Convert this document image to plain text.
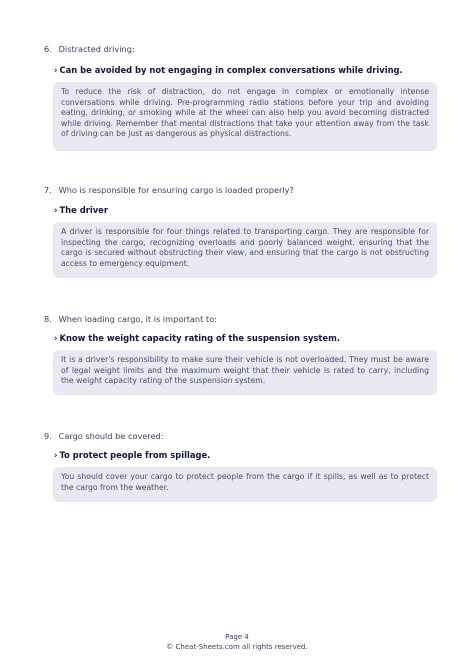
6. Distracted driving:
› Can be avoided by not engaging in complex conversations while driving.
To reduce the risk of distraction, do not engage in complex or emotionally intense conversations while driving. Pre-programming radio stations before your trip and avoiding eating, drinking, or smoking while at the wheel can also help you avoid becoming distracted while driving. Remember that mental distractions that take your attention away from the task of driving can be just as dangerous as physical distractions.
7. Who is responsible for ensuring cargo is loaded properly?
› The driver
A driver is responsible for four things related to transporting cargo. They are responsible for inspecting the cargo, recognizing overloads and poorly balanced weight, ensuring that the cargo is secured without obstructing their view, and ensuring that the cargo is not obstructing access to emergency equipment.
8. When loading cargo, it is important to:
› Know the weight capacity rating of the suspension system.
It is a driver's responsibility to make sure their vehicle is not overloaded. They must be aware of legal weight limits and the maximum weight that their vehicle is rated to carry, including the weight capacity rating of the suspension system.
9. Cargo should be covered:
› To protect people from spillage.
You should cover your cargo to protect people from the cargo if it spills, as well as to protect the cargo from the weather.
Page 4
© Cheat-Sheets.com all rights reserved.
